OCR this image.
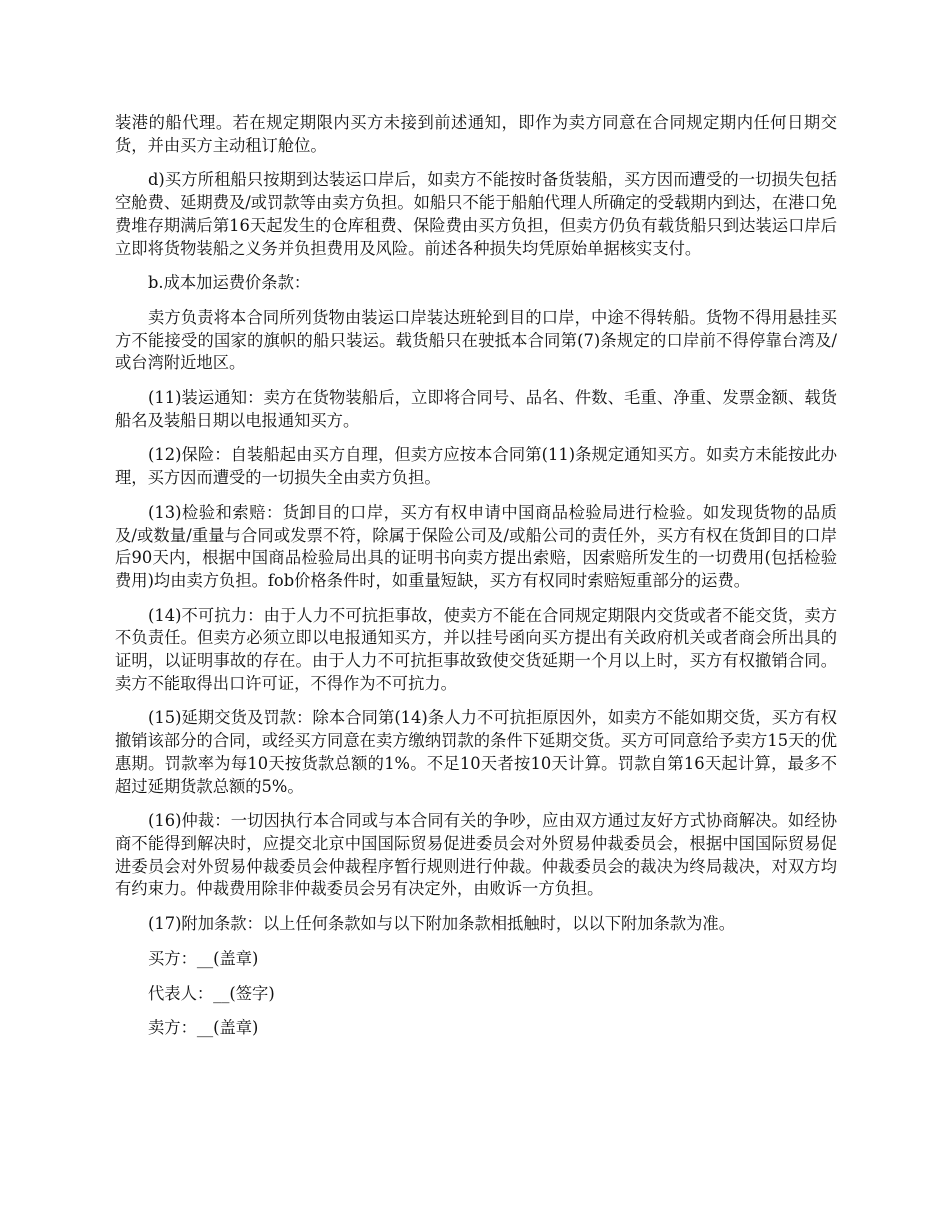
装港的船代理。若在规定期限内买方未接到前述通知，即作为卖方同意在合同规定期内任何日期交货，并由买方主动租订舱位。

d)买方所租船只按期到达装运口岸后，如卖方不能按时备货装船，买方因而遭受的一切损失包括空舱费、延期费及/或罚款等由卖方负担。如船只不能于船舶代理人所确定的受载期内到达，在港口免费堆存期满后第16天起发生的仓库租费、保险费由买方负担，但卖方仍负有载货船只到达装运口岸后立即将货物装船之义务并负担费用及风险。前述各种损失均凭原始单据核实支付。

b.成本加运费价条款：

卖方负责将本合同所列货物由装运口岸装达班轮到目的口岸，中途不得转船。货物不得用悬挂买方不能接受的国家的旗帜的船只装运。载货船只在驶抵本合同第(7)条规定的口岸前不得停靠台湾及/或台湾附近地区。

(11)装运通知：卖方在货物装船后，立即将合同号、品名、件数、毛重、净重、发票金额、载货船名及装船日期以电报通知买方。

(12)保险：自装船起由买方自理，但卖方应按本合同第(11)条规定通知买方。如卖方未能按此办理，买方因而遭受的一切损失全由卖方负担。

(13)检验和索赔：货卸目的口岸，买方有权申请中国商品检验局进行检验。如发现货物的品质及/或数量/重量与合同或发票不符，除属于保险公司及/或船公司的责任外，买方有权在货卸目的口岸后90天内，根据中国商品检验局出具的证明书向卖方提出索赔，因索赔所发生的一切费用(包括检验费用)均由卖方负担。fob价格条件时，如重量短缺，买方有权同时索赔短重部分的运费。

(14)不可抗力：由于人力不可抗拒事故，使卖方不能在合同规定期限内交货或者不能交货，卖方不负责任。但卖方必须立即以电报通知买方，并以挂号函向买方提出有关政府机关或者商会所出具的证明，以证明事故的存在。由于人力不可抗拒事故致使交货延期一个月以上时，买方有权撤销合同。卖方不能取得出口许可证，不得作为不可抗力。

(15)延期交货及罚款：除本合同第(14)条人力不可抗拒原因外，如卖方不能如期交货，买方有权撤销该部分的合同，或经买方同意在卖方缴纳罚款的条件下延期交货。买方可同意给予卖方15天的优惠期。罚款率为每10天按货款总额的1%。不足10天者按10天计算。罚款自第16天起计算，最多不超过延期货款总额的5%。

(16)仲裁：一切因执行本合同或与本合同有关的争吵，应由双方通过友好方式协商解决。如经协商不能得到解决时，应提交北京中国国际贸易促进委员会对外贸易仲裁委员会，根据中国国际贸易促进委员会对外贸易仲裁委员会仲裁程序暂行规则进行仲裁。仲裁委员会的裁决为终局裁决，对双方均有约束力。仲裁费用除非仲裁委员会另有决定外，由败诉一方负担。

(17)附加条款：以上任何条款如与以下附加条款相抵触时，以以下附加条款为准。

买方：__(盖章)

代表人：__(签字)

卖方：__(盖章)
